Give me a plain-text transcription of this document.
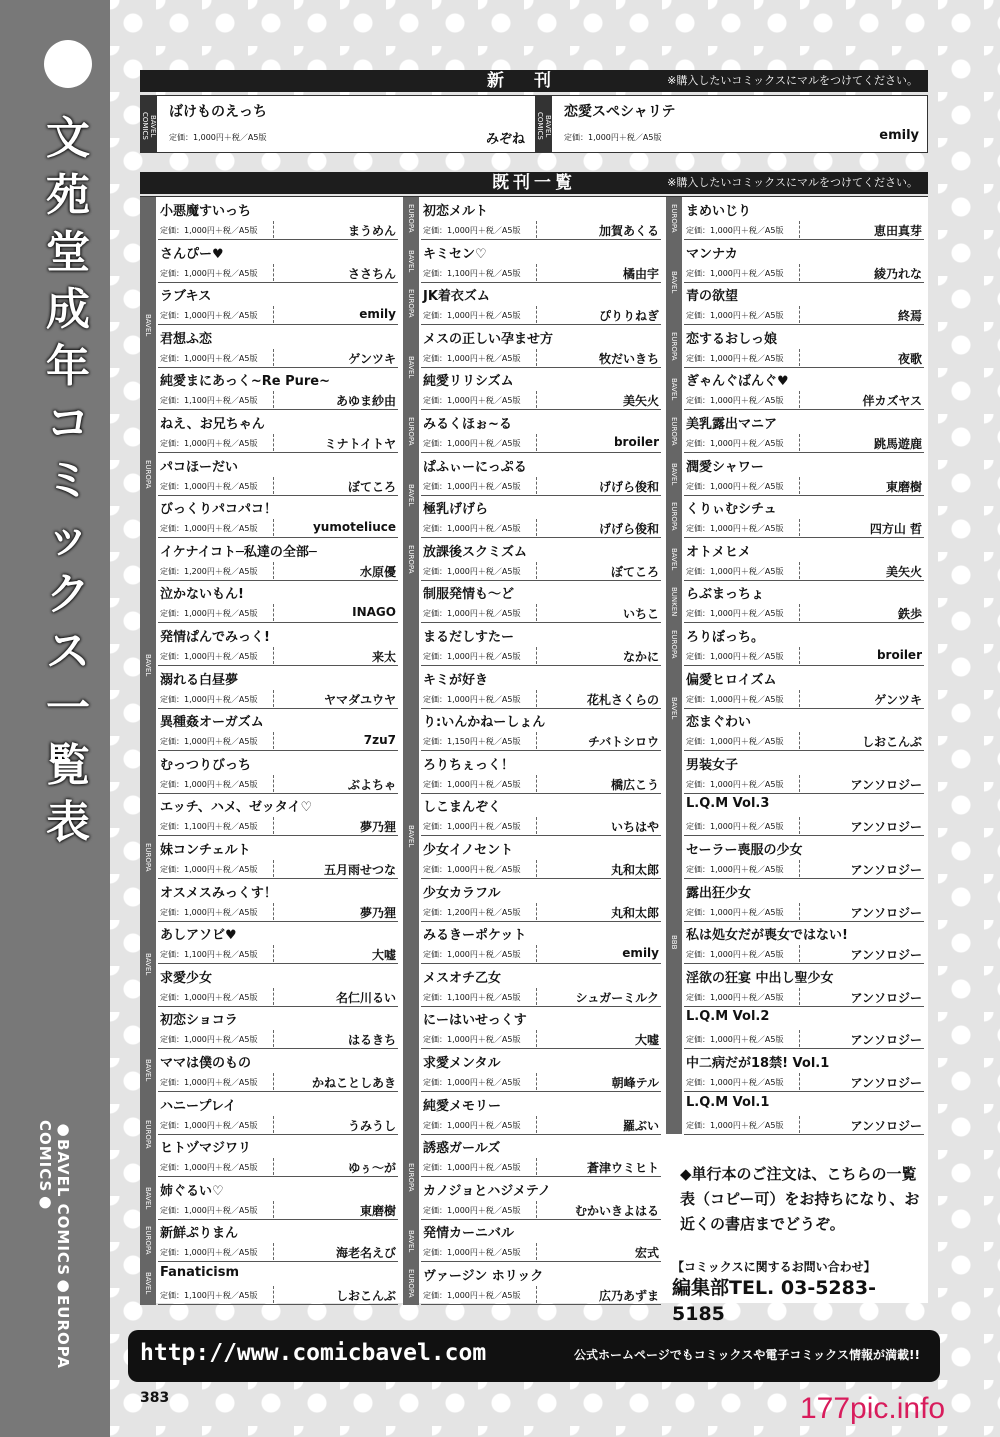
文苑堂成年コミックス一覧表
●BAVEL COMICS●EUROPA COMICS●
新刊	※購入したいコミックスにマルをつけてください。
BAVEL COMICS
ばけものえっち
定価：1,000円＋税／A5版	みぞね
BAVEL COMICS
恋愛スペシャリテ
定価：1,000円＋税／A5版	emily
既刊一覧	※購入したいコミックスにマルをつけてください。
BAVEL
EUROPA
BAVEL
EUROPA
BAVEL
BAVEL
EUROPA
BAVEL
EUROPA
BAVEL
小悪魔すいっち
定価：1,000円＋税／A5版	まうめん
さんぴー♥
定価：1,000円＋税／A5版	ささちん
ラブキス
定価：1,000円＋税／A5版	emily
君想ふ恋
定価：1,000円＋税／A5版	ゲンツキ
純愛まにあっく~Re Pure~
定価：1,100円＋税／A5版	あゆま紗由
ねえ、お兄ちゃん
定価：1,000円＋税／A5版	ミナトイトヤ
パコほーだい
定価：1,000円＋税／A5版	ぼてころ
びっくりパコパコ！
定価：1,000円＋税／A5版	yumoteliuce
イケナイコト─私達の全部─
定価：1,200円＋税／A5版	水原優
泣かないもん!
定価：1,000円＋税／A5版	INAGO
発情ぱんでみっく!
定価：1,000円＋税／A5版	来太
溺れる白昼夢
定価：1,000円＋税／A5版	ヤマダユウヤ
異種姦オーガズム
定価：1,000円＋税／A5版	7zu7
むっつりびっち
定価：1,000円＋税／A5版	ぶよちゃ
エッチ、ハメ、ゼッタイ♡
定価：1,100円＋税／A5版	夢乃狸
妹コンチェルト
定価：1,000円＋税／A5版	五月雨せつな
オスメスみっくす！
定価：1,000円＋税／A5版	夢乃狸
あしアソビ♥
定価：1,100円＋税／A5版	大嘘
求愛少女
定価：1,000円＋税／A5版	名仁川るい
初恋ショコラ
定価：1,000円＋税／A5版	はるきち
ママは僕のもの
定価：1,000円＋税／A5版	かねことしあき
ハニープレイ
定価：1,000円＋税／A5版	うみうし
ヒトヅマジワリ
定価：1,000円＋税／A5版	ゆぅ～が
姉ぐるい♡
定価：1,000円＋税／A5版	東磨樹
新鮮ぷりまん
定価：1,000円＋税／A5版	海老名えび
Fanaticism
定価：1,100円＋税／A5版	しおこんぶ
EUROPA
BAVEL
EUROPA
BAVEL
EUROPA
BAVEL
EUROPA
BAVEL
EUROPA
BAVEL
EUROPA
初恋メルト
定価：1,000円＋税／A5版	加賀あくる
キミセン♡
定価：1,100円＋税／A5版	橘由宇
JK着衣ズム
定価：1,000円＋税／A5版	ぴりりねぎ
メスの正しい孕ませ方
定価：1,000円＋税／A5版	牧だいきち
純愛リリシズム
定価：1,000円＋税／A5版	美矢火
みるくほぉ~る
定価：1,000円＋税／A5版	broiler
ぱふぃーにっぷる
定価：1,000円＋税／A5版	げげら俊和
極乳げげら
定価：1,000円＋税／A5版	げげら俊和
放課後スクミズム
定価：1,000円＋税／A5版	ぼてころ
制服発情も～ど
定価：1,000円＋税／A5版	いちこ
まるだしすたー
定価：1,000円＋税／A5版	なかに
キミが好き
定価：1,000円＋税／A5版	花札さくらの
り:いんかねーしょん
定価：1,150円＋税／A5版	チバトシロウ
ろりちぇっく！
定価：1,000円＋税／A5版	橋広こう
しこまんぞく
定価：1,000円＋税／A5版	いちはや
少女イノセント
定価：1,000円＋税／A5版	丸和太郎
少女カラフル
定価：1,200円＋税／A5版	丸和太郎
みるきーポケット
定価：1,000円＋税／A5版	emily
メスオチ乙女
定価：1,100円＋税／A5版	シュガーミルク
にーはいせっくす
定価：1,000円＋税／A5版	大嘘
求愛メンタル
定価：1,000円＋税／A5版	朝峰テル
純愛メモリー
定価：1,000円＋税／A5版	羅ぶい
誘惑ガールズ
定価：1,000円＋税／A5版	蒼津ウミヒト
カノジョとハジメテノ
定価：1,000円＋税／A5版	むかいきよはる
発情カーニバル
定価：1,000円＋税／A5版	宏式
ヴァージン ホリック
定価：1,000円＋税／A5版	広乃あずま
EUROPA
BAVEL
EUROPA
BAVEL
EUROPA
BAVEL
EUROPA
BAVEL
BUNKEN
EUROPA
BAVEL
BBB
まめいじり
定価：1,000円＋税／A5版	恵田真芽
マンナカ
定価：1,000円＋税／A5版	綾乃れな
青の欲望
定価：1,000円＋税／A5版	終焉
恋するおしっ娘
定価：1,000円＋税／A5版	夜歌
ぎゃんぐばんぐ♥
定価：1,000円＋税／A5版	伴カズヤス
美乳露出マニア
定価：1,000円＋税／A5版	跳馬遊鹿
潤愛シャワー
定価：1,000円＋税／A5版	東磨樹
くりぃむシチュ
定価：1,000円＋税／A5版	四方山 哲
オトメヒメ
定価：1,000円＋税／A5版	美矢火
らぶまっちょ
定価：1,000円＋税／A5版	鉄歩
ろりぼっち。
定価：1,000円＋税／A5版	broiler
偏愛ヒロイズム
定価：1,000円＋税／A5版	ゲンツキ
恋まぐわい
定価：1,000円＋税／A5版	しおこんぶ
男装女子
定価：1,000円＋税／A5版	アンソロジー
L.Q.M Vol.3
定価：1,000円＋税／A5版	アンソロジー
セーラー喪服の少女
定価：1,000円＋税／A5版	アンソロジー
露出狂少女
定価：1,000円＋税／A5版	アンソロジー
私は処女だが喪女ではない!
定価：1,000円＋税／A5版	アンソロジー
淫欲の狂宴 中出し聖少女
定価：1,000円＋税／A5版	アンソロジー
L.Q.M Vol.2
定価：1,000円＋税／A5版	アンソロジー
中二病だが18禁! Vol.1
定価：1,000円＋税／A5版	アンソロジー
L.Q.M Vol.1
定価：1,000円＋税／A5版	アンソロジー
◆単行本のご注文は、こちらの一覧表（コピー可）をお持ちになり、お近くの書店までどうぞ。
【コミックスに関するお問い合わせ】
編集部TEL. 03-5283-5185
http://www.comicbavel.com	公式ホームページでもコミックスや電子コミックス情報が満載!!
383	177pic.info
